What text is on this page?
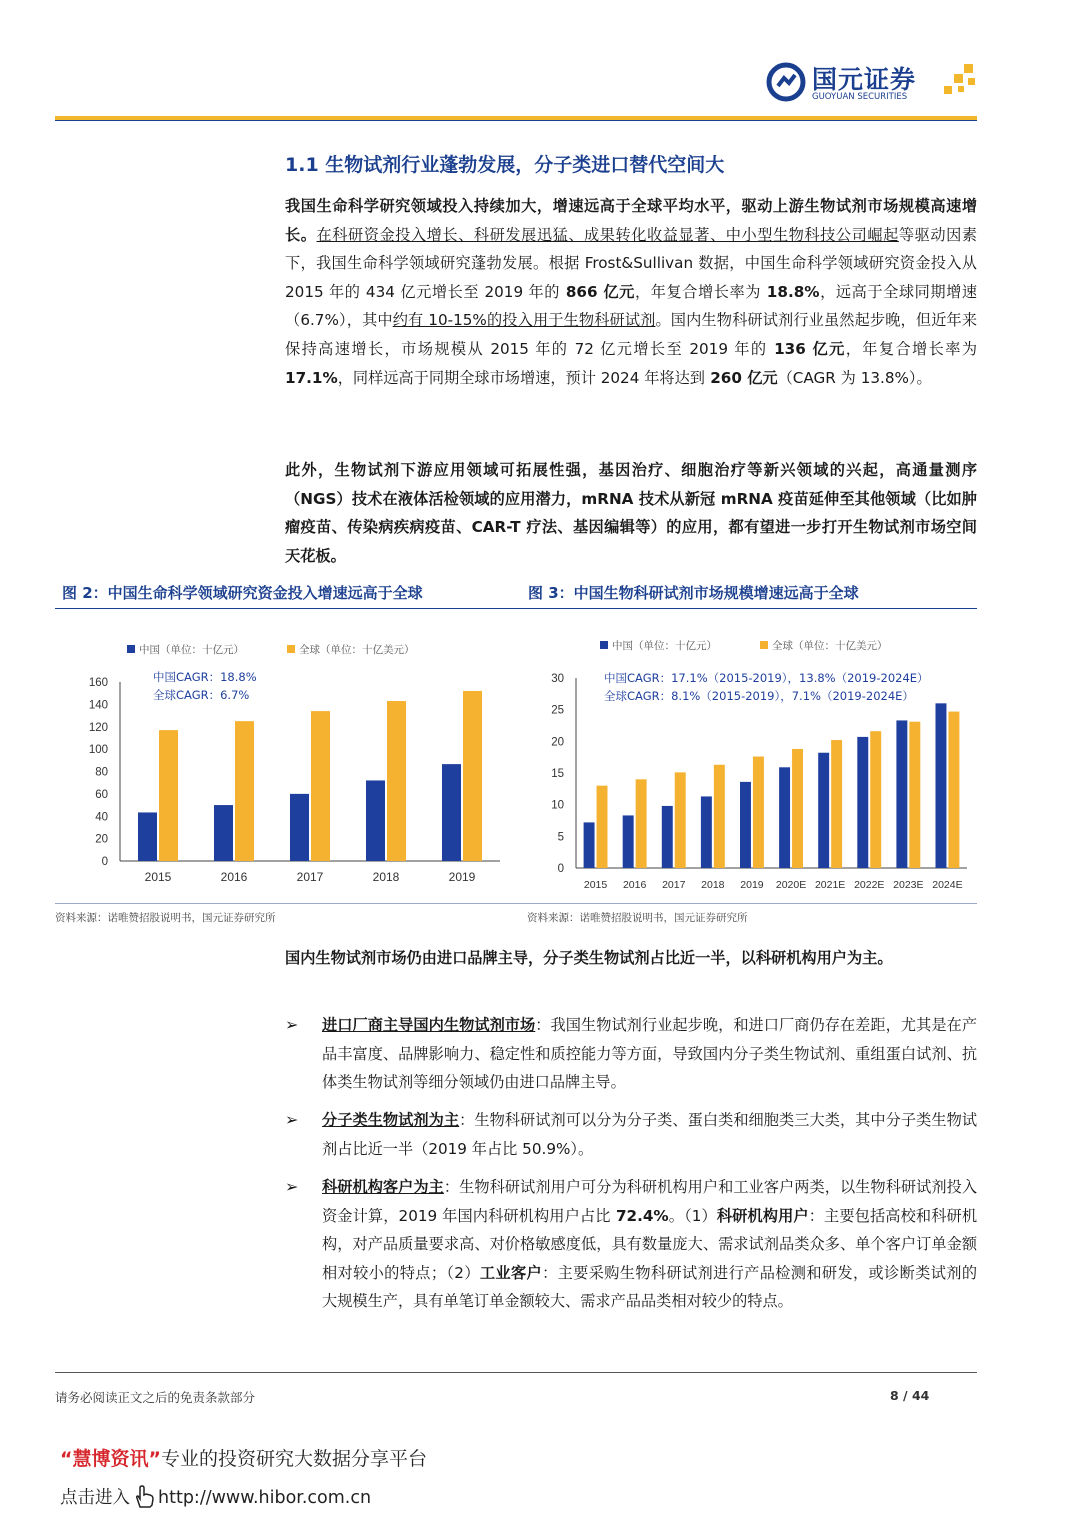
国元证券
GUOYUAN SECURITIES
1.1 生物试剂行业蓬勃发展，分子类进口替代空间大
我国生命科学研究领域投入持续加大，增速远高于全球平均水平，驱动上游生物试剂市场规模高速增长。在科研资金投入增长、科研发展迅猛、成果转化收益显著、中小型生物科技公司崛起等驱动因素下，我国生命科学领域研究蓬勃发展。根据 Frost&Sullivan 数据，中国生命科学领域研究资金投入从 2015 年的 434 亿元增长至 2019 年的 866 亿元，年复合增长率为 18.8%，远高于全球同期增速（6.7%），其中约有 10-15%的投入用于生物科研试剂。国内生物科研试剂行业虽然起步晚，但近年来保持高速增长，市场规模从 2015 年的 72 亿元增长至 2019 年的 136 亿元，年复合增长率为 17.1%，同样远高于同期全球市场增速，预计 2024 年将达到 260 亿元（CAGR 为 13.8%）。
此外，生物试剂下游应用领域可拓展性强，基因治疗、细胞治疗等新兴领域的兴起，高通量测序（NGS）技术在液体活检领域的应用潜力，mRNA 技术从新冠 mRNA 疫苗延伸至其他领域（比如肿瘤疫苗、传染病疾病疫苗、CAR-T 疗法、基因编辑等）的应用，都有望进一步打开生物试剂市场空间天花板。
图 2：中国生命科学领域研究资金投入增速远高于全球	图 3：中国生物科研试剂市场规模增速远高于全球
0
20
40
60
80
100
120
140
160
2015	2016	2017	2018	2019
中国（单位：十亿元）	全球（单位：十亿美元）
中国CAGR：18.8%
全球CAGR：6.7%
0
5
10
15
20
25
30
2015 2016 2017 2018 2019 2020E 2021E 2022E 2023E 2024E
中国（单位：十亿元）	全球（单位：十亿美元）
中国CAGR：17.1%（2015-2019），13.8%（2019-2024E）
全球CAGR：8.1%（2015-2019），7.1%（2019-2024E）
资料来源：诺唯赞招股说明书，国元证券研究所	资料来源：诺唯赞招股说明书，国元证券研究所
国内生物试剂市场仍由进口品牌主导，分子类生物试剂占比近一半，以科研机构用户为主。
➢ 进口厂商主导国内生物试剂市场：我国生物试剂行业起步晚，和进口厂商仍存在差距，尤其是在产品丰富度、品牌影响力、稳定性和质控能力等方面，导致国内分子类生物试剂、重组蛋白试剂、抗体类生物试剂等细分领域仍由进口品牌主导。
➢ 分子类生物试剂为主：生物科研试剂可以分为分子类、蛋白类和细胞类三大类，其中分子类生物试剂占比近一半（2019 年占比 50.9%）。
➢ 科研机构客户为主：生物科研试剂用户可分为科研机构用户和工业客户两类，以生物科研试剂投入资金计算，2019 年国内科研机构用户占比 72.4%。（1）科研机构用户：主要包括高校和科研机构，对产品质量要求高、对价格敏感度低，具有数量庞大、需求试剂品类众多、单个客户订单金额相对较小的特点；（2）工业客户：主要采购生物科研试剂进行产品检测和研发，或诊断类试剂的大规模生产，具有单笔订单金额较大、需求产品品类相对较少的特点。
请务必阅读正文之后的免责条款部分	8 / 44
“慧博资讯”专业的投资研究大数据分享平台
点击进入 http://www.hibor.com.cn
